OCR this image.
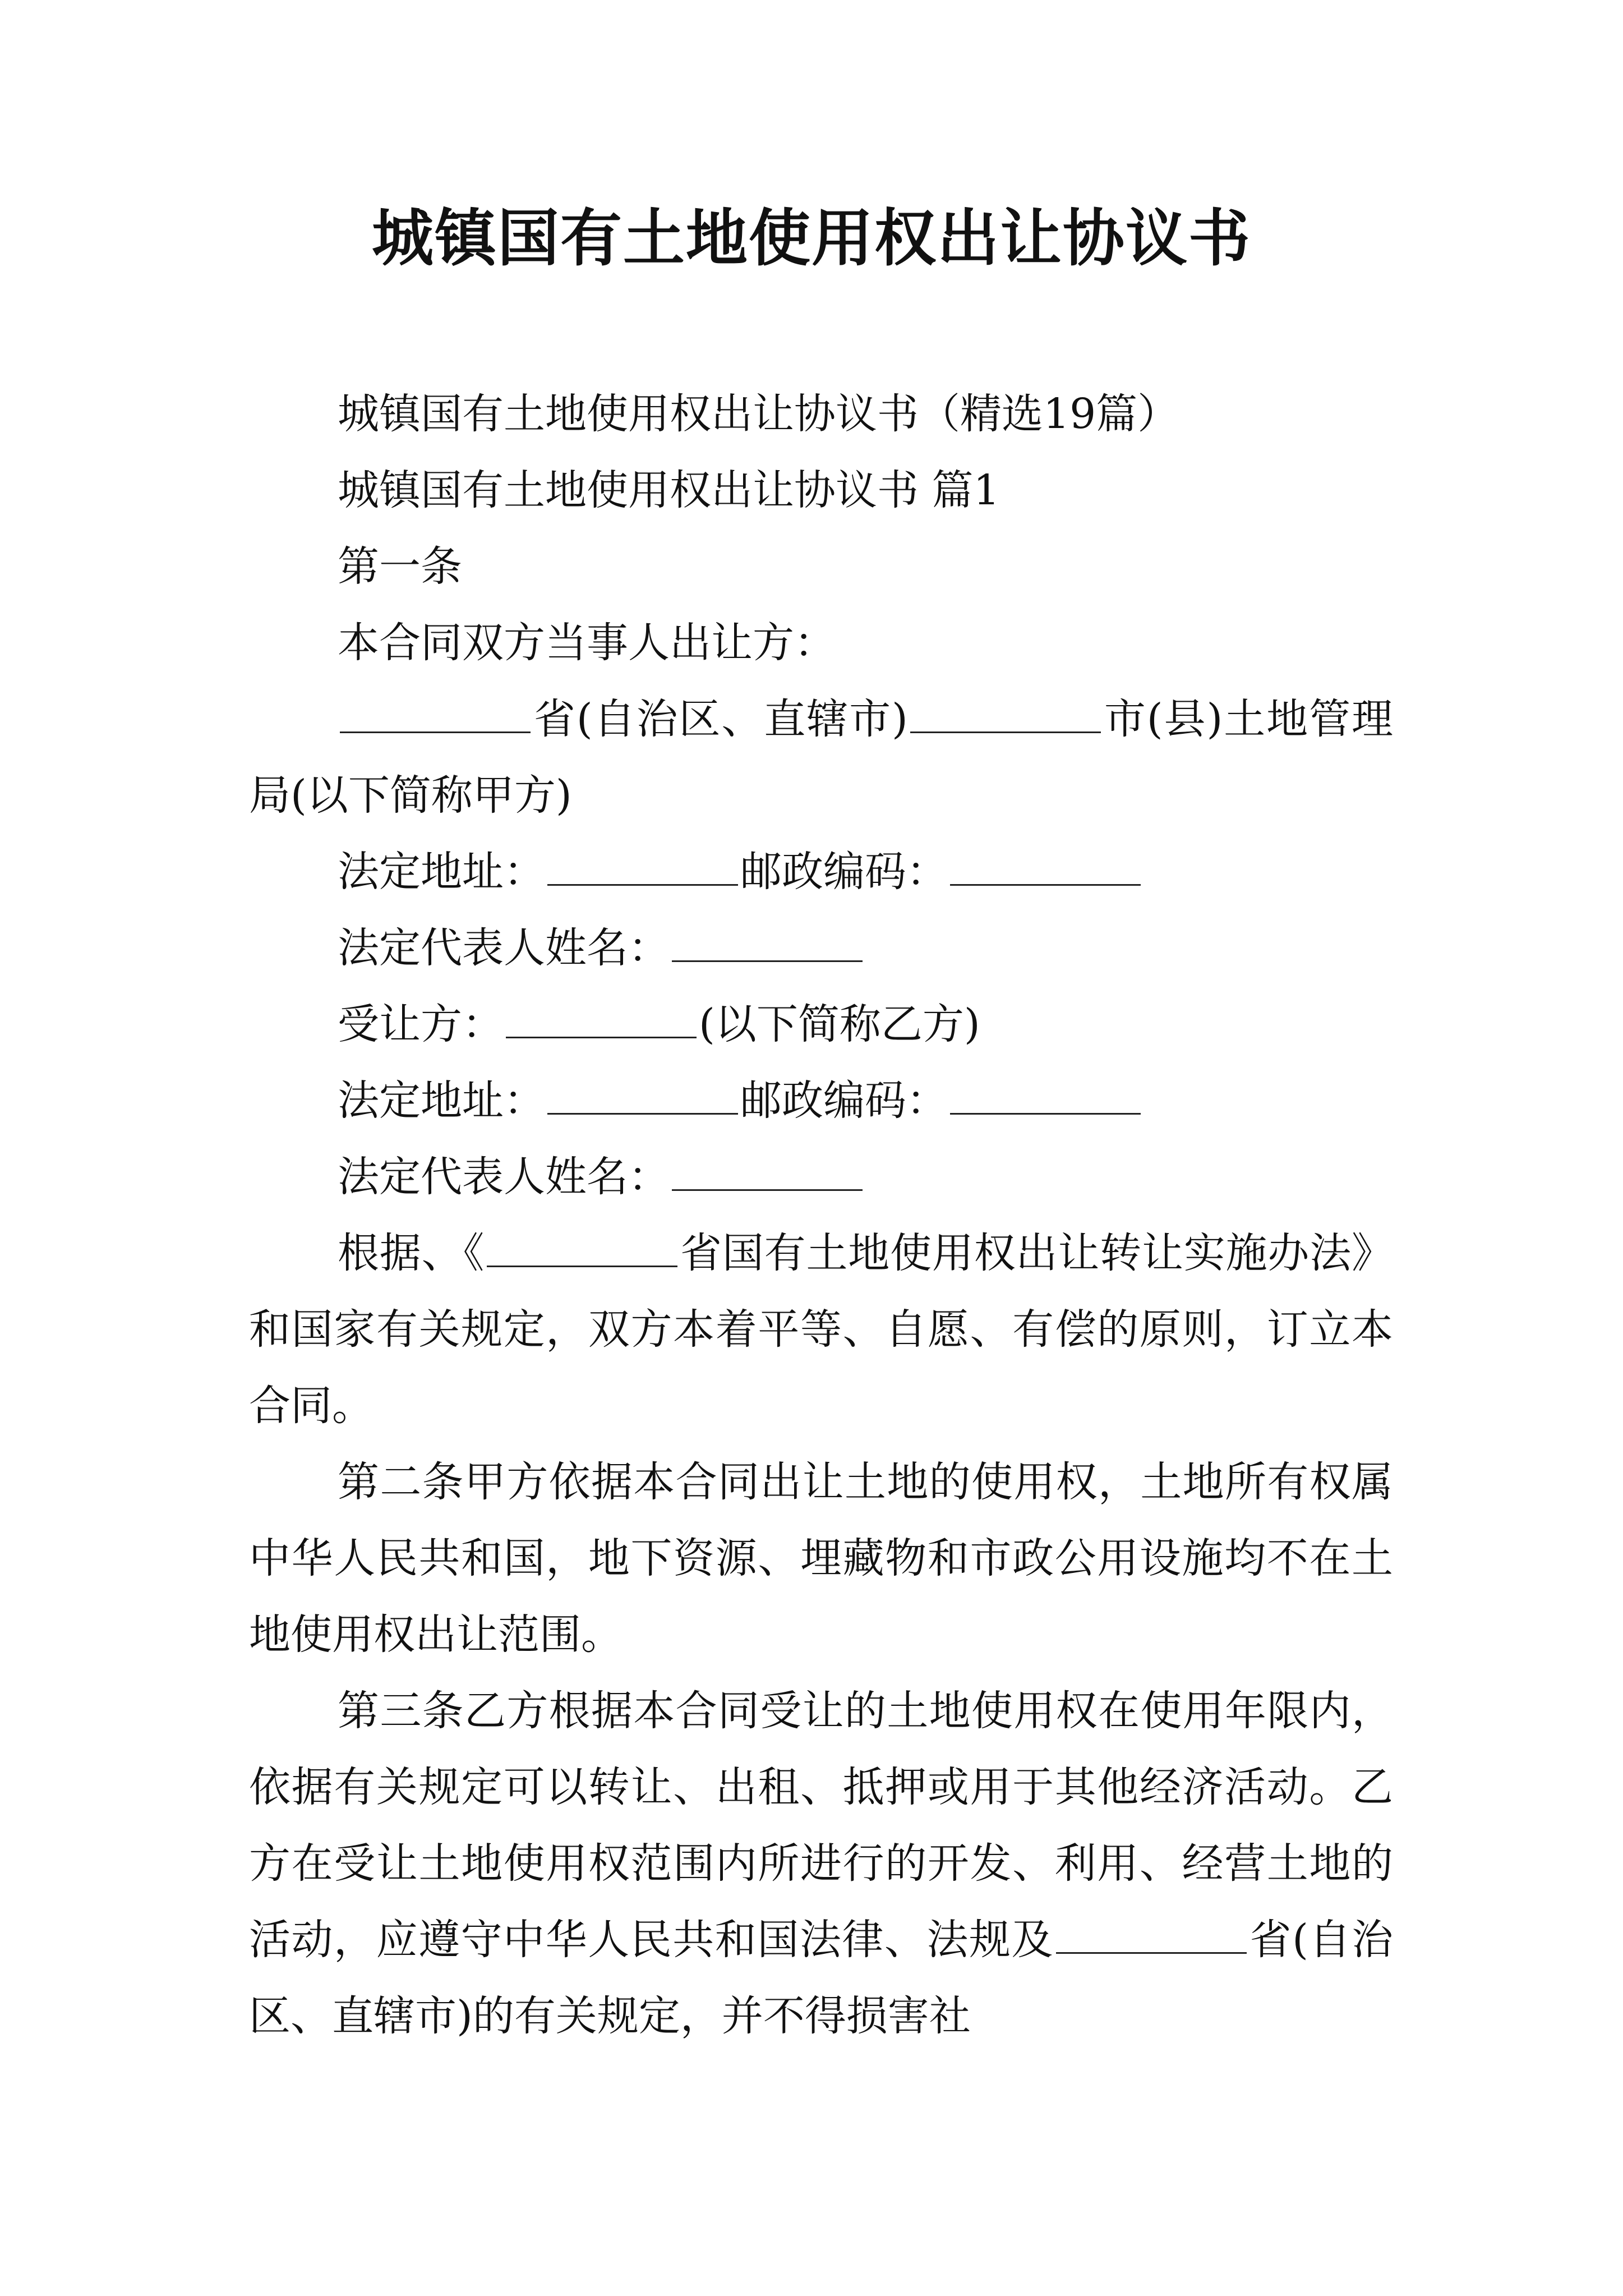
城镇国有土地使用权出让协议书

城镇国有土地使用权出让协议书（精选19篇）

城镇国有土地使用权出让协议书 篇1

第一条

本合同双方当事人出让方：

省(自治区、直辖市)	市(县)土地管理局(以下简称甲方)

法定地址：	邮政编码：

法定代表人姓名：

受让方：	(以下简称乙方)

法定地址：	邮政编码：

法定代表人姓名：

根据、《	省国有土地使用权出让转让实施办法》和国家有关规定，双方本着平等、自愿、有偿的原则，订立本合同。

第二条甲方依据本合同出让土地的使用权，土地所有权属中华人民共和国，地下资源、埋藏物和市政公用设施均不在土地使用权出让范围。

第三条乙方根据本合同受让的土地使用权在使用年限内，依据有关规定可以转让、出租、抵押或用于其他经济活动。乙方在受让土地使用权范围内所进行的开发、利用、经营土地的活动，应遵守中华人民共和国法律、法规及	省(自治区、直辖市)的有关规定，并不得损害社
